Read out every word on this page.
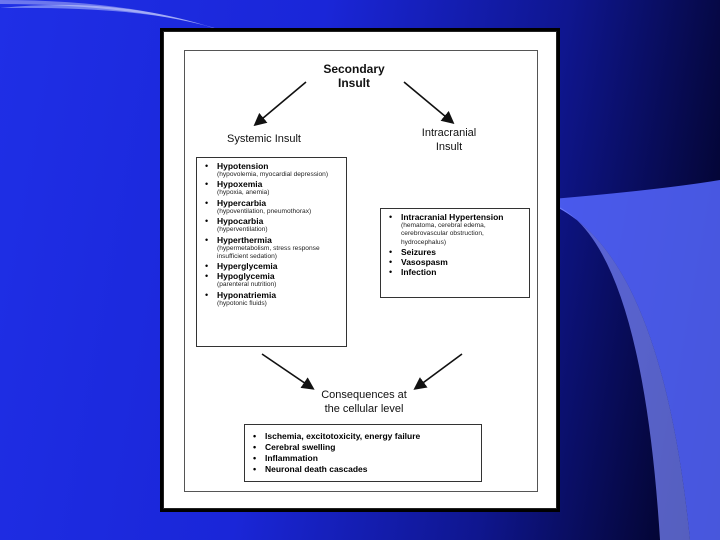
Secondary
Insult
Systemic Insult	Intracranial
Insult
• Hypotension
(hypovolemia, myocardial depression)
• Hypoxemia
(hypoxia, anemia)
• Hypercarbia
(hypoventilation, pneumothorax)
• Hypocarbia
(hyperventilation)
• Hyperthermia
(hypermetabolism, stress response insufficient sedation)
• Hyperglycemia
• Hypoglycemia
(parenteral nutrition)
• Hyponatriemia
(hypotonic fluids)
• Intracranial Hypertension
(hematoma, cerebral edema, cerebrovascular obstruction, hydrocephalus)
• Seizures
• Vasospasm
• Infection
Consequences at
the cellular level
• Ischemia, excitotoxicity, energy failure
• Cerebral swelling
• Inflammation
• Neuronal death cascades
